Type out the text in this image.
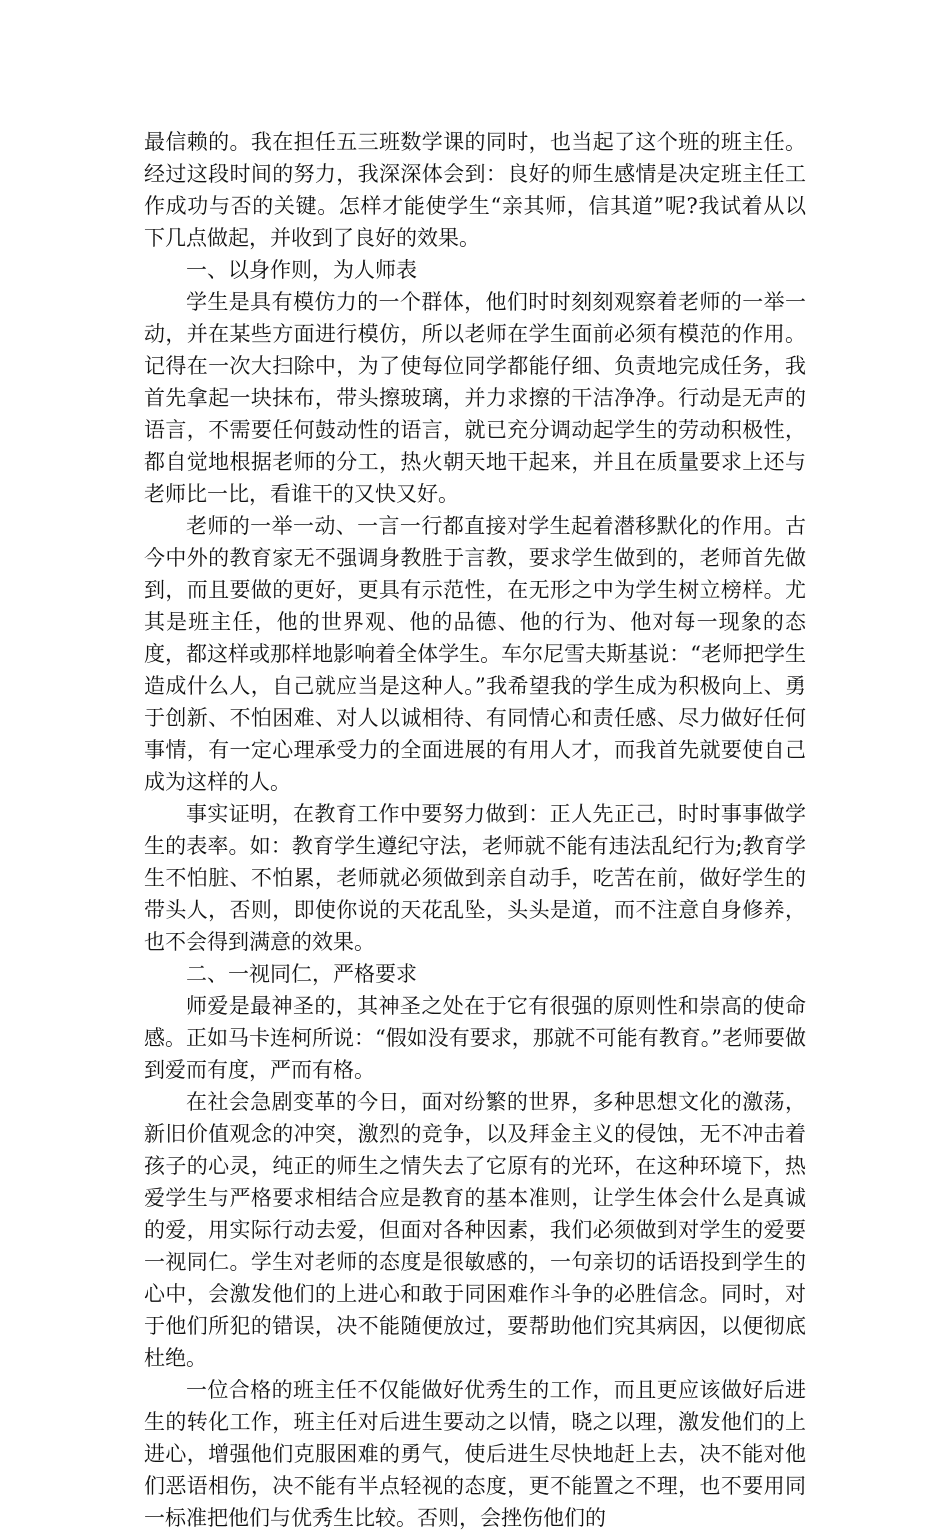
最信赖的。我在担任五三班数学课的同时，也当起了这个班的班主任。经过这段时间的努力，我深深体会到：良好的师生感情是决定班主任工作成功与否的关键。怎样才能使学生“亲其师，信其道”呢?我试着从以下几点做起，并收到了良好的效果。

一、以身作则，为人师表

学生是具有模仿力的一个群体，他们时时刻刻观察着老师的一举一动，并在某些方面进行模仿，所以老师在学生面前必须有模范的作用。记得在一次大扫除中，为了使每位同学都能仔细、负责地完成任务，我首先拿起一块抹布，带头擦玻璃，并力求擦的干洁净净。行动是无声的语言，不需要任何鼓动性的语言，就已充分调动起学生的劳动积极性，都自觉地根据老师的分工，热火朝天地干起来，并且在质量要求上还与老师比一比，看谁干的又快又好。

老师的一举一动、一言一行都直接对学生起着潜移默化的作用。古今中外的教育家无不强调身教胜于言教，要求学生做到的，老师首先做到，而且要做的更好，更具有示范性，在无形之中为学生树立榜样。尤其是班主任，他的世界观、他的品德、他的行为、他对每一现象的态度，都这样或那样地影响着全体学生。车尔尼雪夫斯基说：“老师把学生造成什么人，自己就应当是这种人。”我希望我的学生成为积极向上、勇于创新、不怕困难、对人以诚相待、有同情心和责任感、尽力做好任何事情，有一定心理承受力的全面进展的有用人才，而我首先就要使自己成为这样的人。

事实证明，在教育工作中要努力做到：正人先正己，时时事事做学生的表率。如：教育学生遵纪守法，老师就不能有违法乱纪行为;教育学生不怕脏、不怕累，老师就必须做到亲自动手，吃苦在前，做好学生的带头人，否则，即使你说的天花乱坠，头头是道，而不注意自身修养，也不会得到满意的效果。

二、一视同仁，严格要求

师爱是最神圣的，其神圣之处在于它有很强的原则性和崇高的使命感。正如马卡连柯所说：“假如没有要求，那就不可能有教育。”老师要做到爱而有度，严而有格。

在社会急剧变革的今日，面对纷繁的世界，多种思想文化的激荡，新旧价值观念的冲突，激烈的竞争，以及拜金主义的侵蚀，无不冲击着孩子的心灵，纯正的师生之情失去了它原有的光环，在这种环境下，热爱学生与严格要求相结合应是教育的基本准则，让学生体会什么是真诚的爱，用实际行动去爱，但面对各种因素，我们必须做到对学生的爱要一视同仁。学生对老师的态度是很敏感的，一句亲切的话语投到学生的心中，会激发他们的上进心和敢于同困难作斗争的必胜信念。同时，对于他们所犯的错误，决不能随便放过，要帮助他们究其病因，以便彻底杜绝。

一位合格的班主任不仅能做好优秀生的工作，而且更应该做好后进生的转化工作，班主任对后进生要动之以情，晓之以理，激发他们的上进心，增强他们克服困难的勇气，使后进生尽快地赶上去，决不能对他们恶语相伤，决不能有半点轻视的态度，更不能置之不理，也不要用同一标准把他们与优秀生比较。否则，会挫伤他们的
